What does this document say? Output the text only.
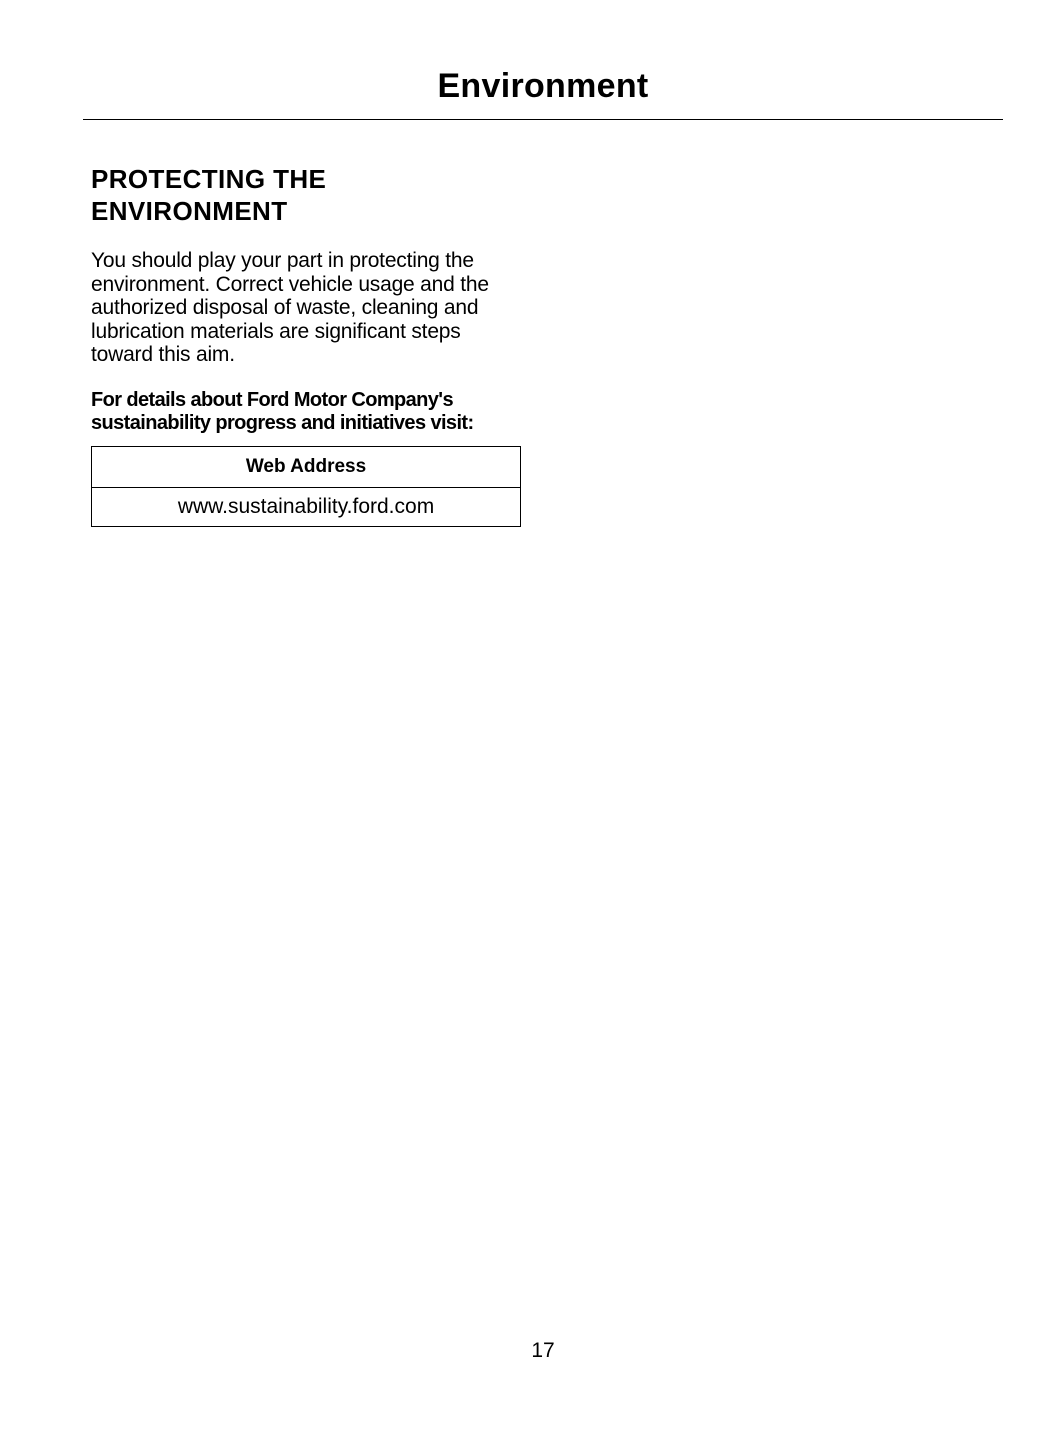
Environment
PROTECTING THE ENVIRONMENT

You should play your part in protecting the environment. Correct vehicle usage and the authorized disposal of waste, cleaning and lubrication materials are significant steps toward this aim.

For details about Ford Motor Company's sustainability progress and initiatives visit:

Web Address
www.sustainability.ford.com
17
